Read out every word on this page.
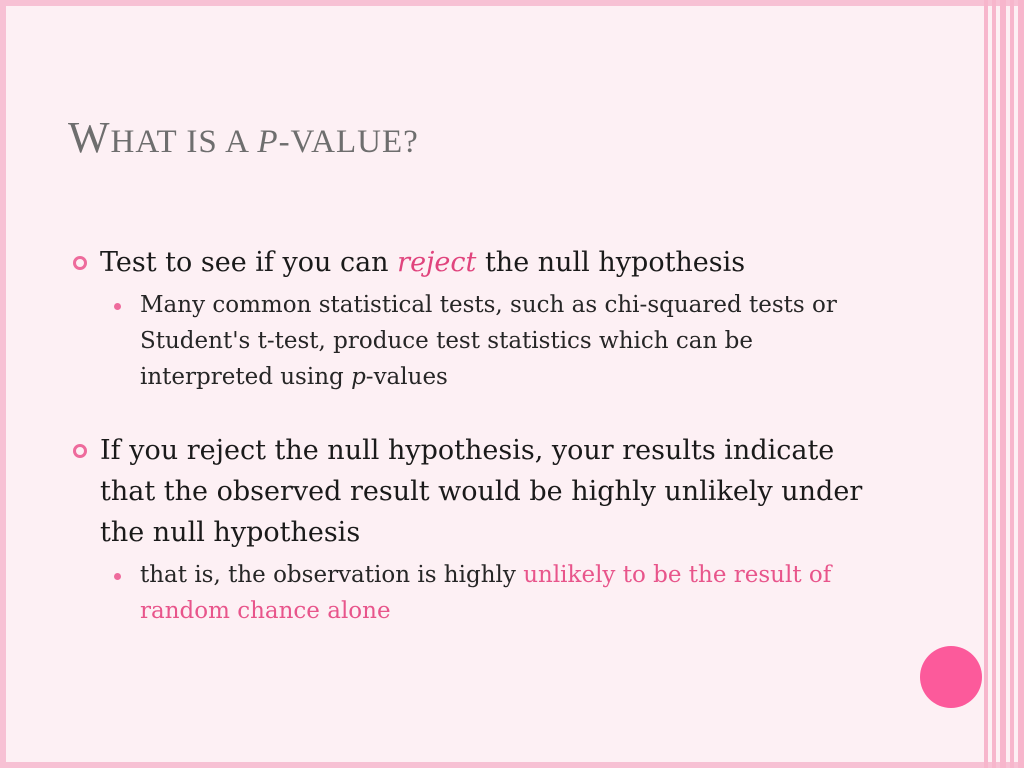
WHAT IS A P-VALUE?
Test to see if you can reject the null hypothesis
Many common statistical tests, such as chi-squared tests or Student's t-test, produce test statistics which can be interpreted using p-values
If you reject the null hypothesis, your results indicate that the observed result would be highly unlikely under the null hypothesis
that is, the observation is highly unlikely to be the result of random chance alone
